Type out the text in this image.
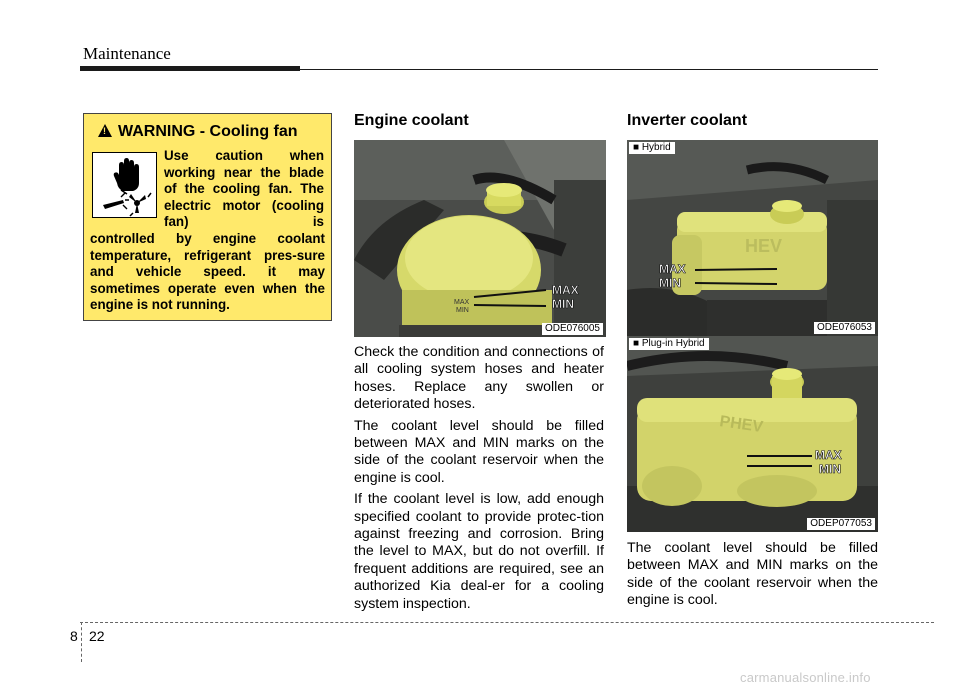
Maintenance
!WARNING - Cooling fan
Use caution when working near the blade of the cooling fan. The electric motor (cooling fan) is
controlled by engine coolant temperature, refrigerant pres-sure and vehicle speed. it may sometimes operate even when the engine is not running.
Engine coolant
MAX
MIN
MAX
MIN
ODE076005

Check the condition and connections of all cooling system hoses and heater hoses. Replace any swollen or deteriorated hoses.

The coolant level should be filled between MAX and MIN marks on the side of the coolant reservoir when the engine is cool.

If the coolant level is low, add enough specified coolant to provide protec-tion against freezing and corrosion. Bring the level to MAX, but do not overfill. If frequent additions are required, see an authorized Kia deal-er for a cooling system inspection.

Inverter coolant
HEV
MAX
MIN
■ Hybrid
ODE076053
PHEV
MAX
MIN
■ Plug-in Hybrid
ODEP077053

The coolant level should be filled between MAX and MIN marks on the side of the coolant reservoir when the engine is cool.

8 22
carmanualsonline.info
